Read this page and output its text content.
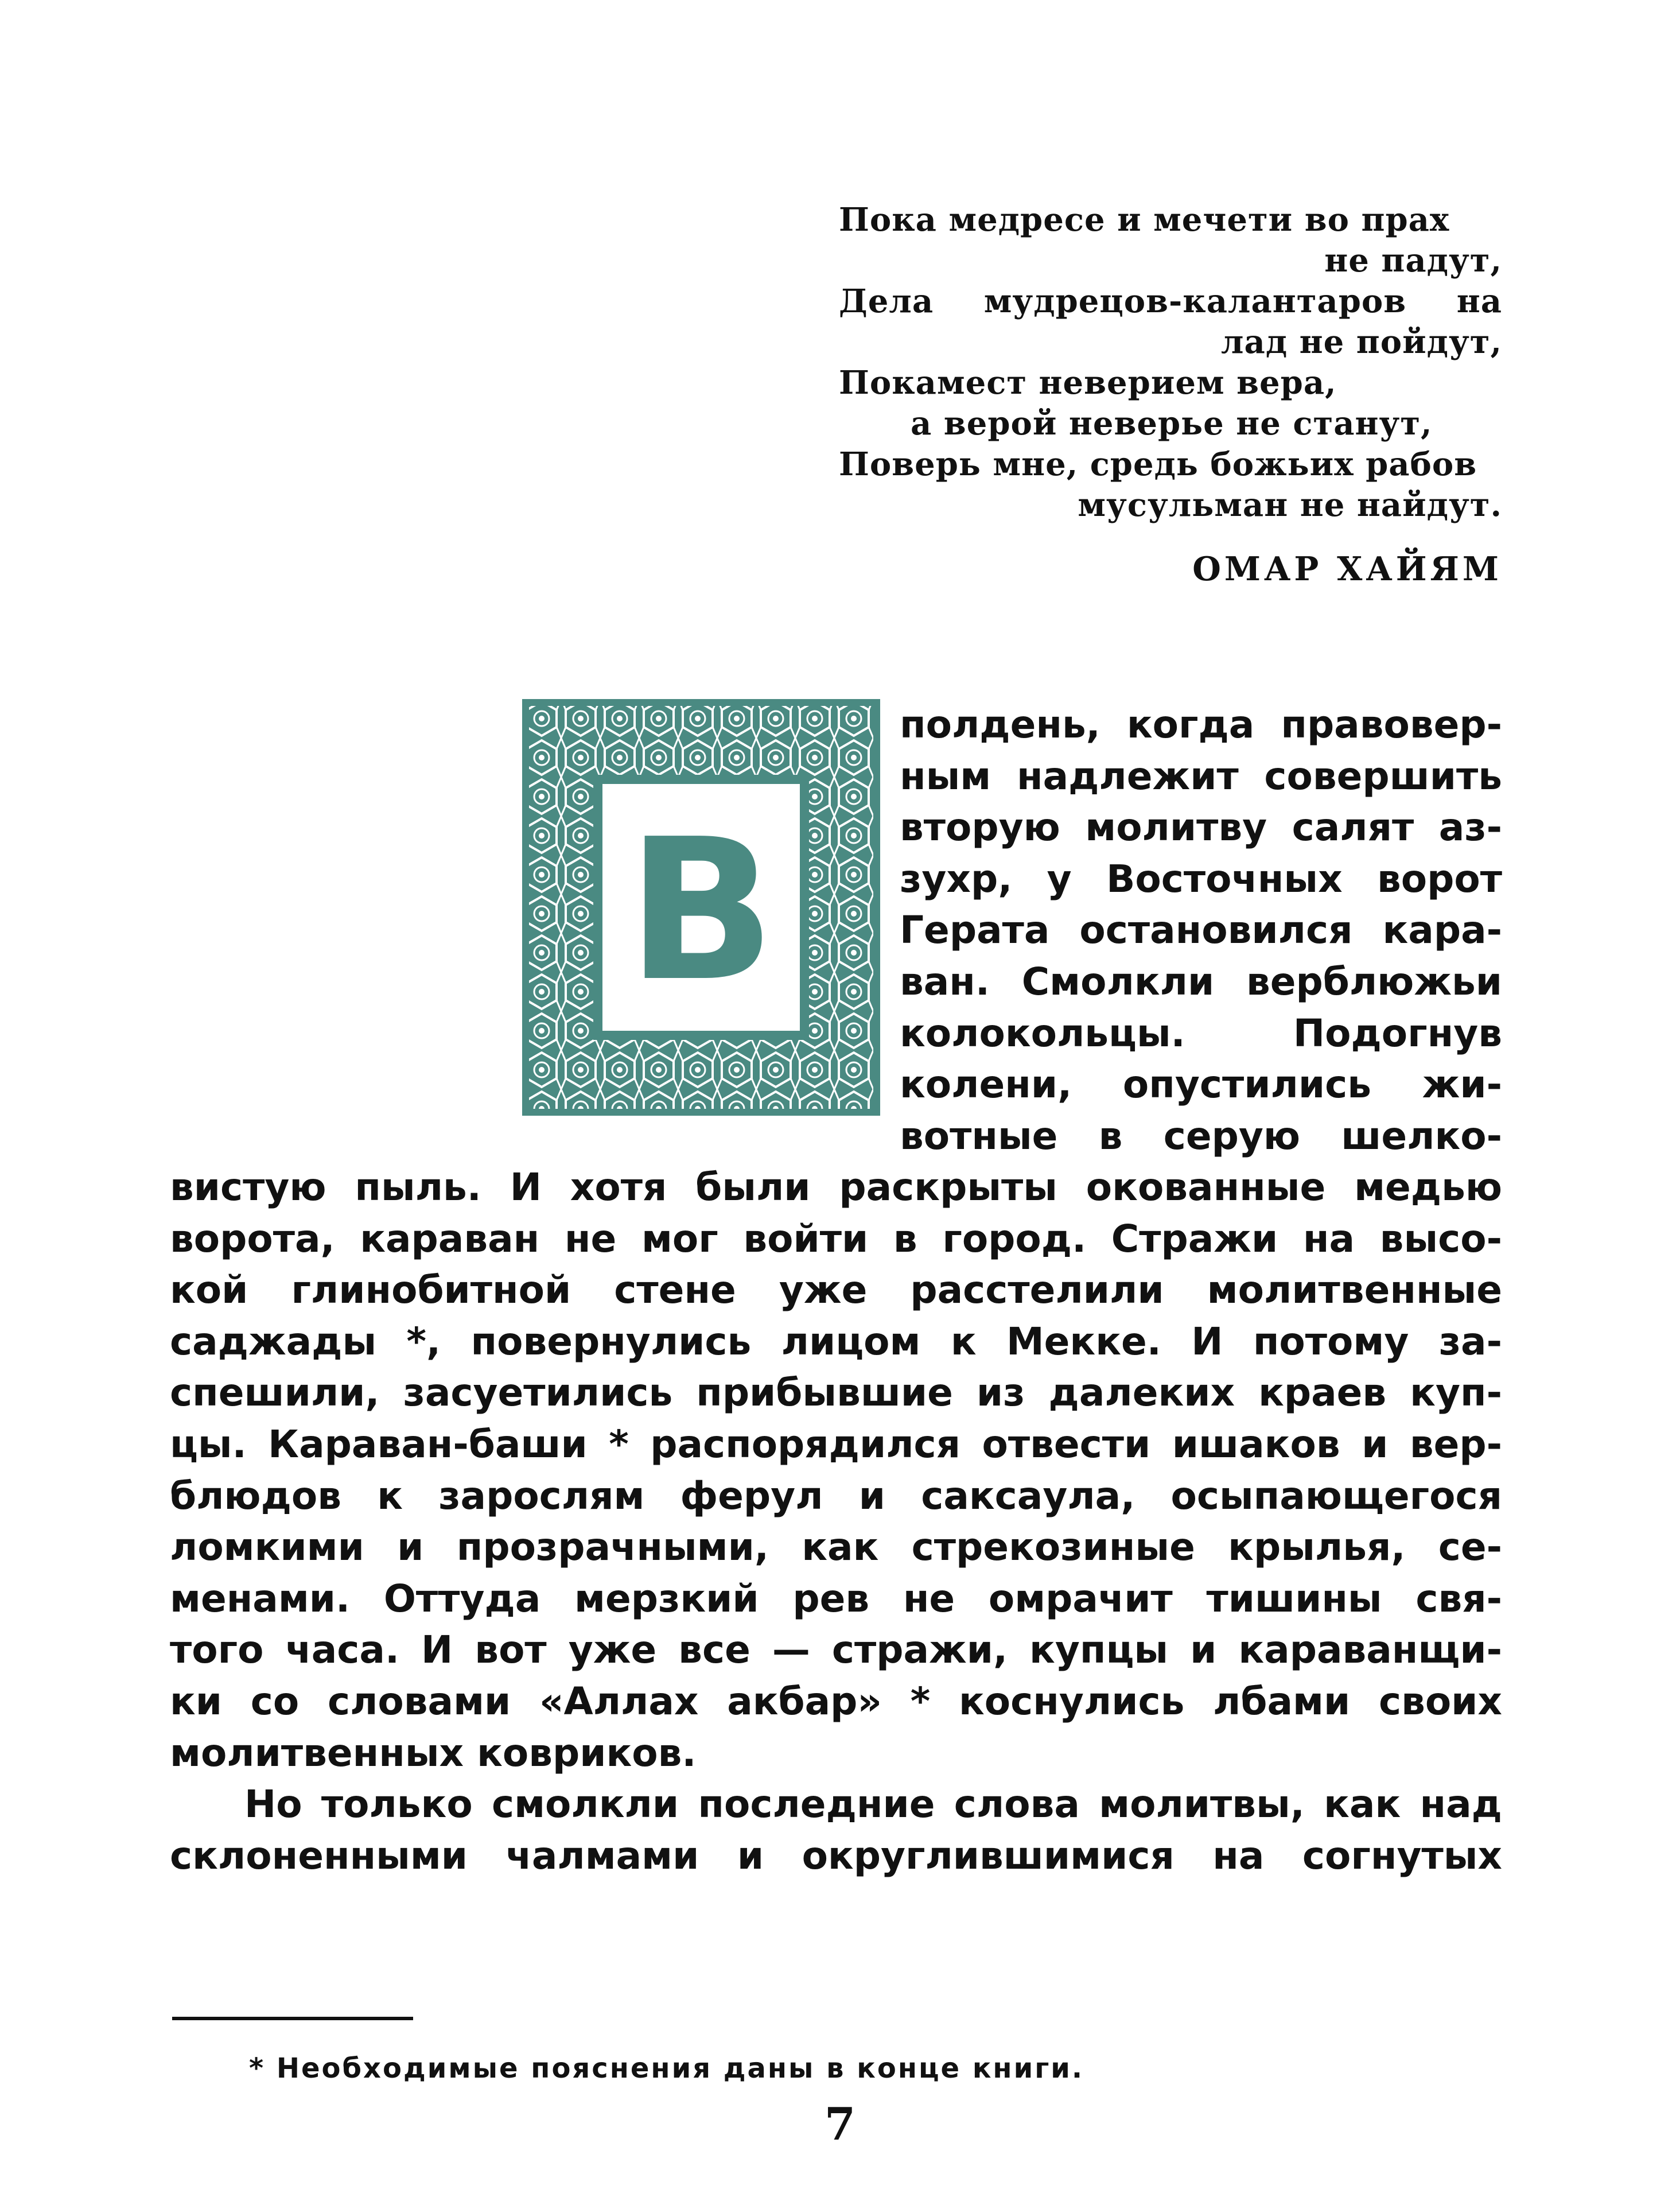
Пока медресе и мечети во прах
не падут,
Дела мудрецов-калантаров на
лад не пойдут,
Покамест неверием вера,
а верой неверье не станут,
Поверь мне, средь божьих рабов
мусульман не найдут.
ОМАР ХАЙЯМ
В
полдень, когда правовер-
ным надлежит совершить
вторую молитву салят аз-
зухр, у Восточных ворот
Герата остановился кара-
ван. Смолкли верблюжьи
колокольцы. Подогнув
колени, опустились жи-
вотные в серую шелко-
вистую пыль. И хотя были раскрыты окованные медью
ворота, караван не мог войти в город. Стражи на высо-
кой глинобитной стене уже расстелили молитвенные
саджады *, повернулись лицом к Мекке. И потому за-
спешили, засуетились прибывшие из далеких краев куп-
цы. Караван-баши * распорядился отвести ишаков и вер-
блюдов к зарослям ферул и саксаула, осыпающегося
ломкими и прозрачными, как стрекозиные крылья, се-
менами. Оттуда мерзкий рев не омрачит тишины свя-
того часа. И вот уже все — стражи, купцы и караванщи-
ки со словами «Аллах акбар» * коснулись лбами своих
молитвенных ковриков.
Но только смолкли последние слова молитвы, как над
склоненными чалмами и округлившимися на согнутых
* Необходимые пояснения даны в конце книги.
7
